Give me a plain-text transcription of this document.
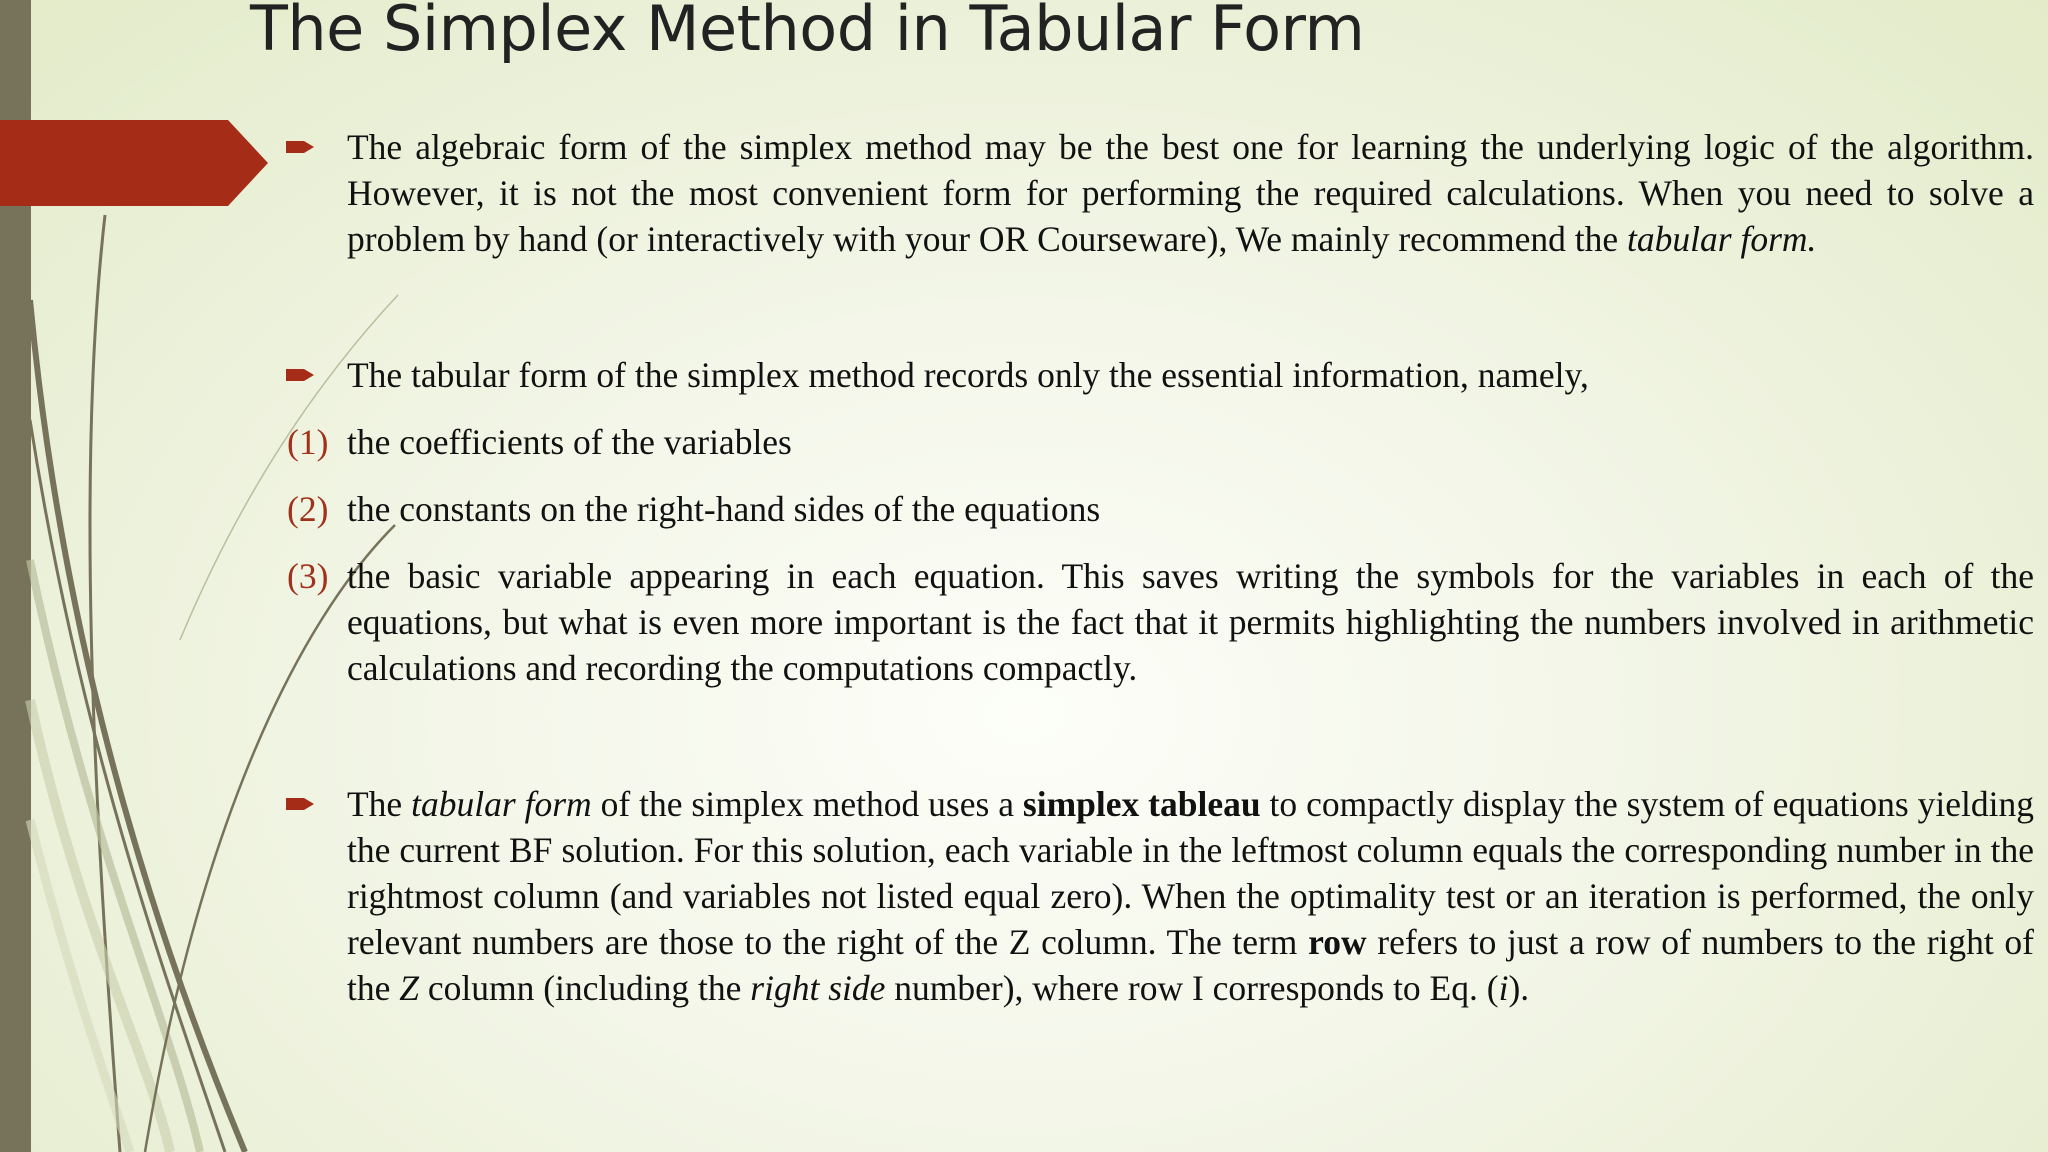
The Simplex Method in Tabular Form
The algebraic form of the simplex method may be the best one for learning the underlying logic of the algorithm. However, it is not the most convenient form for performing the required calculations. When you need to solve a problem by hand (or interactively with your OR Courseware), We mainly recommend the tabular form.
The tabular form of the simplex method records only the essential information, namely,
(1) the coefficients of the variables
(2) the constants on the right-hand sides of the equations
(3) the basic variable appearing in each equation. This saves writing the symbols for the variables in each of the equations, but what is even more important is the fact that it permits highlighting the numbers involved in arithmetic calculations and recording the computations compactly.
The tabular form of the simplex method uses a simplex tableau to compactly display the system of equations yielding the current BF solution. For this solution, each variable in the leftmost column equals the corresponding number in the rightmost column (and variables not listed equal zero). When the optimality test or an iteration is performed, the only relevant numbers are those to the right of the Z column. The term row refers to just a row of numbers to the right of the Z column (including the right side number), where row I corresponds to Eq. (i).
